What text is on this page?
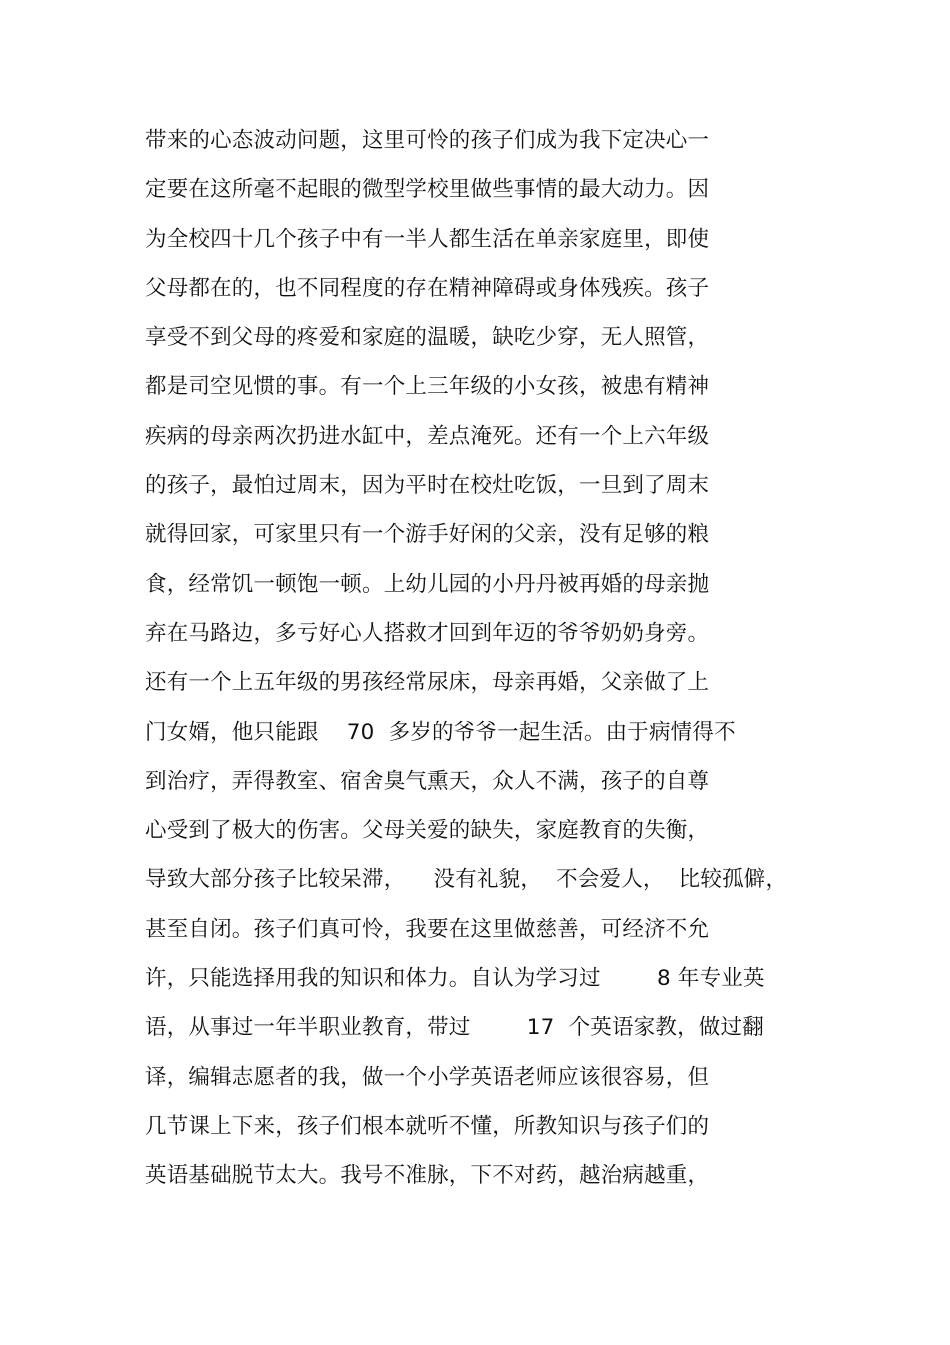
带来的心态波动问题，这里可怜的孩子们成为我下定决心一
定要在这所毫不起眼的微型学校里做些事情的最大动力。因
为全校四十几个孩子中有一半人都生活在单亲家庭里，即使
父母都在的，也不同程度的存在精神障碍或身体残疾。孩子
享受不到父母的疼爱和家庭的温暖，缺吃少穿，无人照管，
都是司空见惯的事。有一个上三年级的小女孩，被患有精神
疾病的母亲两次扔进水缸中，差点淹死。还有一个上六年级
的孩子，最怕过周末，因为平时在校灶吃饭，一旦到了周末
就得回家，可家里只有一个游手好闲的父亲，没有足够的粮
食，经常饥一顿饱一顿。上幼儿园的小丹丹被再婚的母亲抛
弃在马路边，多亏好心人搭救才回到年迈的爷爷奶奶身旁。
还有一个上五年级的男孩经常尿床，母亲再婚，父亲做了上
门女婿，他只能跟    70  多岁的爷爷一起生活。由于病情得不
到治疗，弄得教室、宿舍臭气熏天，众人不满，孩子的自尊
心受到了极大的伤害。父母关爱的缺失，家庭教育的失衡，
导致大部分孩子比较呆滞，    没有礼貌，  不会爱人，  比较孤僻，
甚至自闭。孩子们真可怜，我要在这里做慈善，可经济不允
许，只能选择用我的知识和体力。自认为学习过        8 年专业英
语，从事过一年半职业教育，带过        17  个英语家教，做过翻
译，编辑志愿者的我，做一个小学英语老师应该很容易，但
几节课上下来，孩子们根本就听不懂，所教知识与孩子们的
英语基础脱节太大。我号不准脉，下不对药，越治病越重，
